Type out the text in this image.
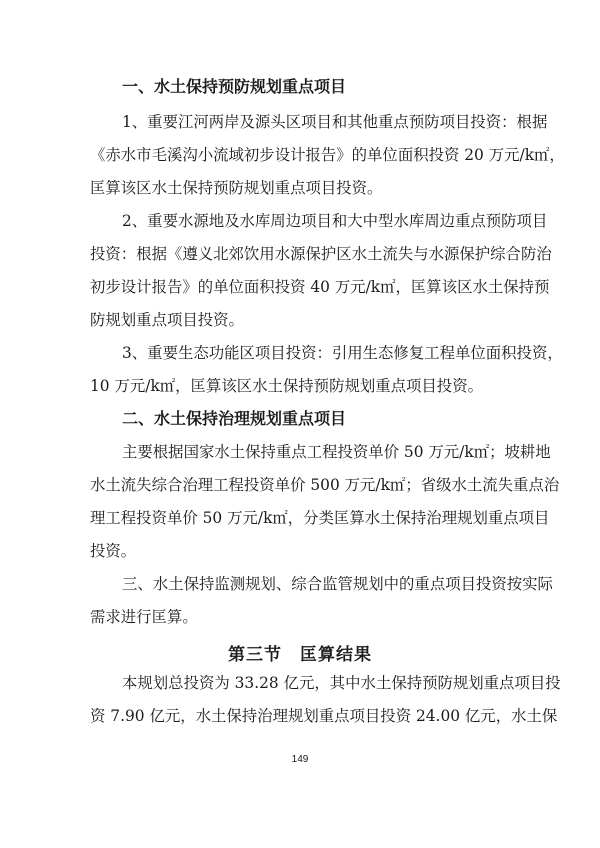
一、水土保持预防规划重点项目
1、重要江河两岸及源头区项目和其他重点预防项目投资：根据
《赤水市毛溪沟小流域初步设计报告》的单位面积投资 20 万元/k㎡，
匡算该区水土保持预防规划重点项目投资。
2、重要水源地及水库周边项目和大中型水库周边重点预防项目
投资：根据《遵义北郊饮用水源保护区水土流失与水源保护综合防治
初步设计报告》的单位面积投资 40 万元/k㎡，匡算该区水土保持预
防规划重点项目投资。
3、重要生态功能区项目投资：引用生态修复工程单位面积投资，
10 万元/k㎡，匡算该区水土保持预防规划重点项目投资。
二、水土保持治理规划重点项目
主要根据国家水土保持重点工程投资单价 50 万元/k㎡；坡耕地
水土流失综合治理工程投资单价 500 万元/k㎡；省级水土流失重点治
理工程投资单价 50 万元/k㎡，分类匡算水土保持治理规划重点项目
投资。
三、水土保持监测规划、综合监管规划中的重点项目投资按实际
需求进行匡算。
第三节　匡算结果
本规划总投资为 33.28 亿元，其中水土保持预防规划重点项目投
资 7.90 亿元，水土保持治理规划重点项目投资 24.00 亿元，水土保
149
